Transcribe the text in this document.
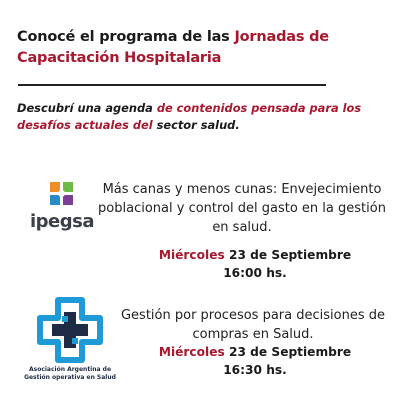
Conocé el programa de las Jornadas de Capacitación Hospitalaria
Descubrí una agenda de contenidos pensada para los desafíos actuales del sector salud.
ipegsa
Más canas y menos cunas: Envejecimiento poblacional y control del gasto en la gestión en salud.
Miércoles 23 de Septiembre
16:00 hs.
Asociación Argentina de Gestión operativa en Salud
Gestión por procesos para decisiones de compras en Salud.
Miércoles 23 de Septiembre
16:30 hs.
